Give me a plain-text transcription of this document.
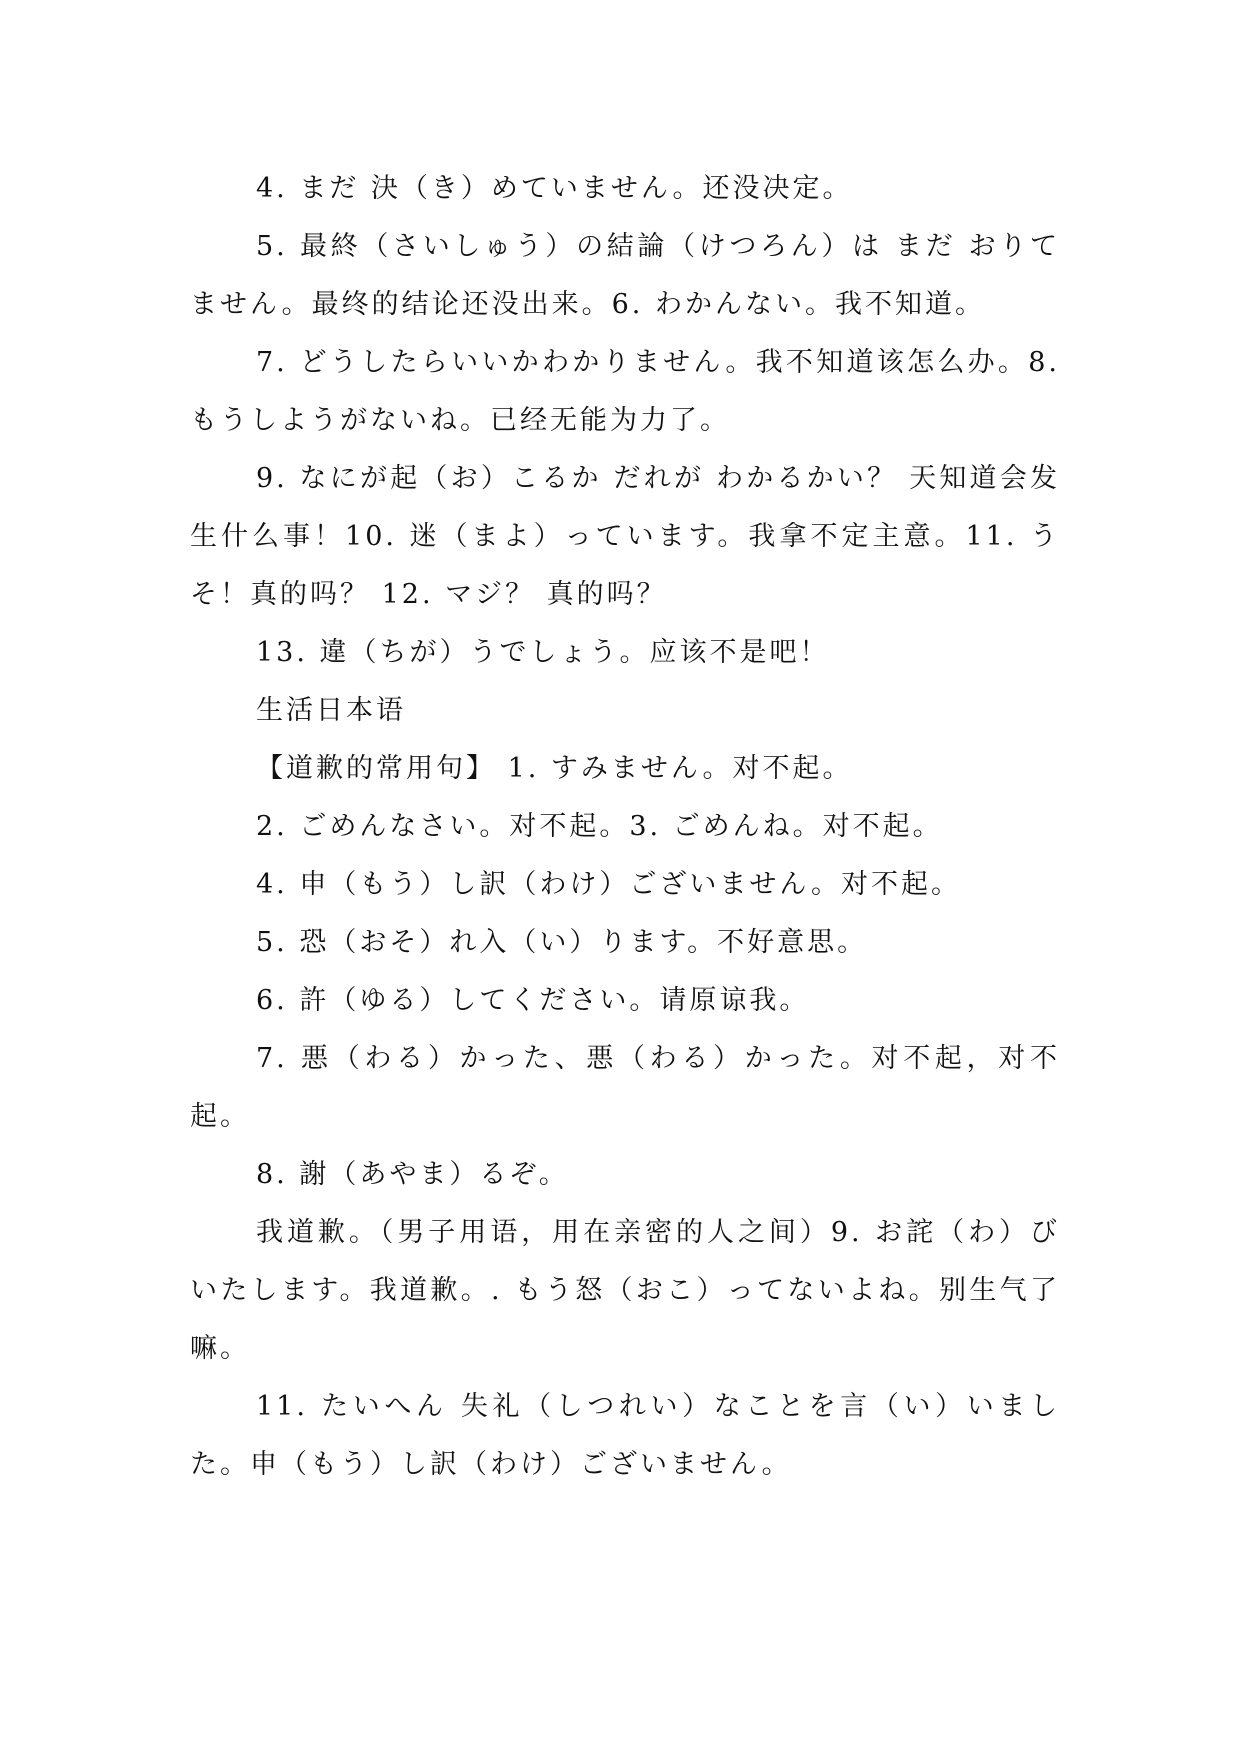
4. まだ 決（き）めていません。还没决定。

5. 最終（さいしゅう）の結論（けつろん）は まだ おりてません。最终的结论还没出来。6. わかんない。我不知道。

7. どうしたらいいかわかりません。我不知道该怎么办。8. もうしようがないね。已经无能为力了。

9. なにが起（お）こるか だれが わかるかい？ 天知道会发生什么事！10. 迷（まよ）っています。我拿不定主意。11. うそ！真的吗？ 12. マジ？ 真的吗？

13. 違（ちが）うでしょう。应该不是吧！

生活日本语

【道歉的常用句】 1. すみません。对不起。

2. ごめんなさい。对不起。3. ごめんね。对不起。

4. 申（もう）し訳（わけ）ございません。对不起。

5. 恐（おそ）れ入（い）ります。不好意思。

6. 許（ゆる）してください。请原谅我。

7. 悪（わる）かった、悪（わる）かった。对不起，对不起。

8. 謝（あやま）るぞ。

我道歉。（男子用语，用在亲密的人之间）9. お詫（わ）びいたします。我道歉。. もう怒（おこ）ってないよね。别生气了嘛。

11. たいへん 失礼（しつれい）なことを言（い）いました。申（もう）し訳（わけ）ございません。
